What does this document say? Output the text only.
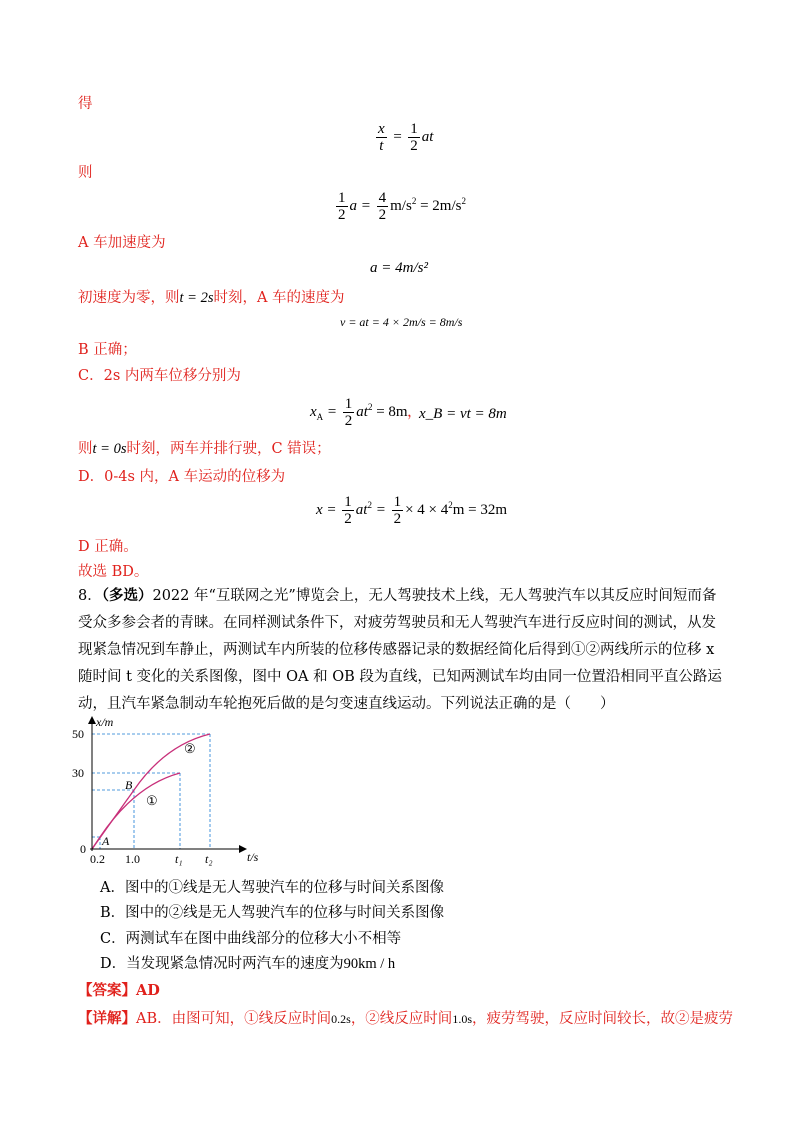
得
$\frac{x}{t} = \frac{1}{2}$ at
则
$\frac{1}{2}$ $a = \frac{4}{2} m/s^2 = 2m/s^2$
A 车加速度为
a = 4m/s²
初速度为零，则t = 2s时刻，A 车的速度为
v = at = 4 × 2m/s = 8m/s
B 正确；
C．2s 内两车位移分别为
$x_A = \frac{1}{2} at^2 = 8m$ ，
x_B = vt = 8m
则t = 0s时刻，两车并排行驶，C 错误；
D．0-4s 内，A 车运动的位移为
$x = \frac{1}{2} at^2 = \frac{1}{2} \times 4 \times 4^2m = 32m$
D 正确。
故选 BD。
8．（多选）2022 年“互联网之光”博览会上，无人驾驶技术上线，无人驾驶汽车以其反应时间短而备受众多参会者的青睐。在同样测试条件下，对疲劳驾驶员和无人驾驶汽车进行反应时间的测试，从发现紧急情况到车静止，两测试车内所装的位移传感器记录的数据经简化后得到①②两线所示的位移 x 随时间 t 变化的关系图像，图中 OA 和 OB 段为直线，已知两测试车均由同一位置沿相同平直公路运动，且汽车紧急制动车轮抱死后做的是匀变速直线运动。下列说法正确的是（　　）
x/m
t/s
50
30
0
0.2 1.0	t₁ t₂
A
B
①
②
A．图中的①线是无人驾驶汽车的位移与时间关系图像
B．图中的②线是无人驾驶汽车的位移与时间关系图像
C．两测试车在图中曲线部分的位移大小不相等
D．当发现紧急情况时两汽车的速度为90km / h
【答案】AD
【详解】AB．由图可知，①线反应时间0.2s，②线反应时间1.0s，疲劳驾驶，反应时间较长，故②是疲劳
